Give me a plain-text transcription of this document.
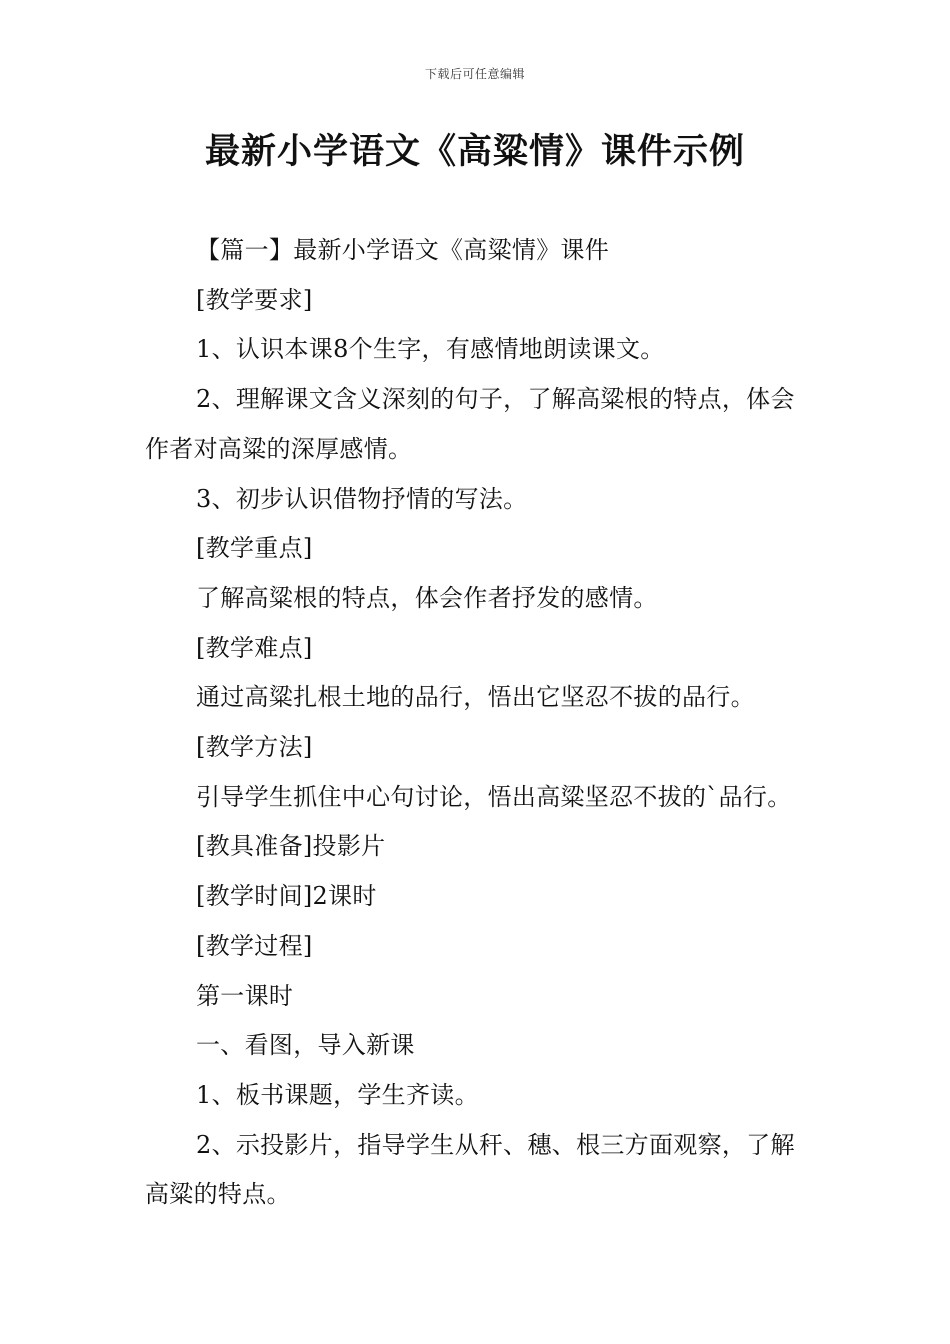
下载后可任意编辑
最新小学语文《高粱情》课件示例

【篇一】最新小学语文《高粱情》课件

[教学要求]

1、认识本课8个生字，有感情地朗读课文。

2、理解课文含义深刻的句子，了解高粱根的特点，体会作者对高粱的深厚感情。

3、初步认识借物抒情的写法。

[教学重点]

了解高粱根的特点，体会作者抒发的感情。

[教学难点]

通过高粱扎根土地的品行，悟出它坚忍不拔的品行。

[教学方法]

引导学生抓住中心句讨论，悟出高粱坚忍不拔的`品行。

[教具准备]投影片

[教学时间]2课时

[教学过程]

第一课时

一、看图，导入新课

1、板书课题，学生齐读。

2、示投影片，指导学生从秆、穗、根三方面观察，了解高粱的特点。
